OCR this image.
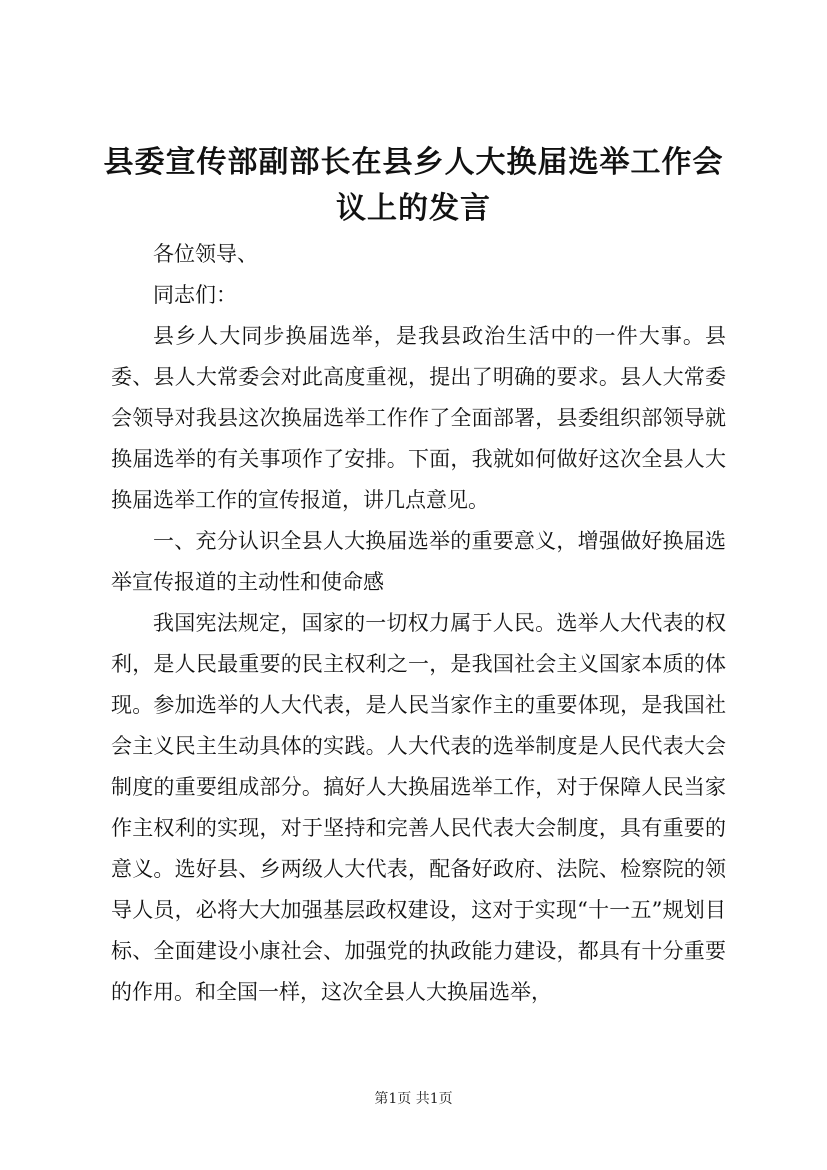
县委宣传部副部长在县乡人大换届选举工作会议上的发言

各位领导、

同志们：

县乡人大同步换届选举，是我县政治生活中的一件大事。县委、县人大常委会对此高度重视，提出了明确的要求。县人大常委会领导对我县这次换届选举工作作了全面部署，县委组织部领导就换届选举的有关事项作了安排。下面，我就如何做好这次全县人大换届选举工作的宣传报道，讲几点意见。

一、充分认识全县人大换届选举的重要意义，增强做好换届选举宣传报道的主动性和使命感

我国宪法规定，国家的一切权力属于人民。选举人大代表的权利，是人民最重要的民主权利之一，是我国社会主义国家本质的体现。参加选举的人大代表，是人民当家作主的重要体现，是我国社会主义民主生动具体的实践。人大代表的选举制度是人民代表大会制度的重要组成部分。搞好人大换届选举工作，对于保障人民当家作主权利的实现，对于坚持和完善人民代表大会制度，具有重要的意义。选好县、乡两级人大代表，配备好政府、法院、检察院的领导人员，必将大大加强基层政权建设，这对于实现“十一五”规划目标、全面建设小康社会、加强党的执政能力建设，都具有十分重要的作用。和全国一样，这次全县人大换届选举，

第1页 共1页
